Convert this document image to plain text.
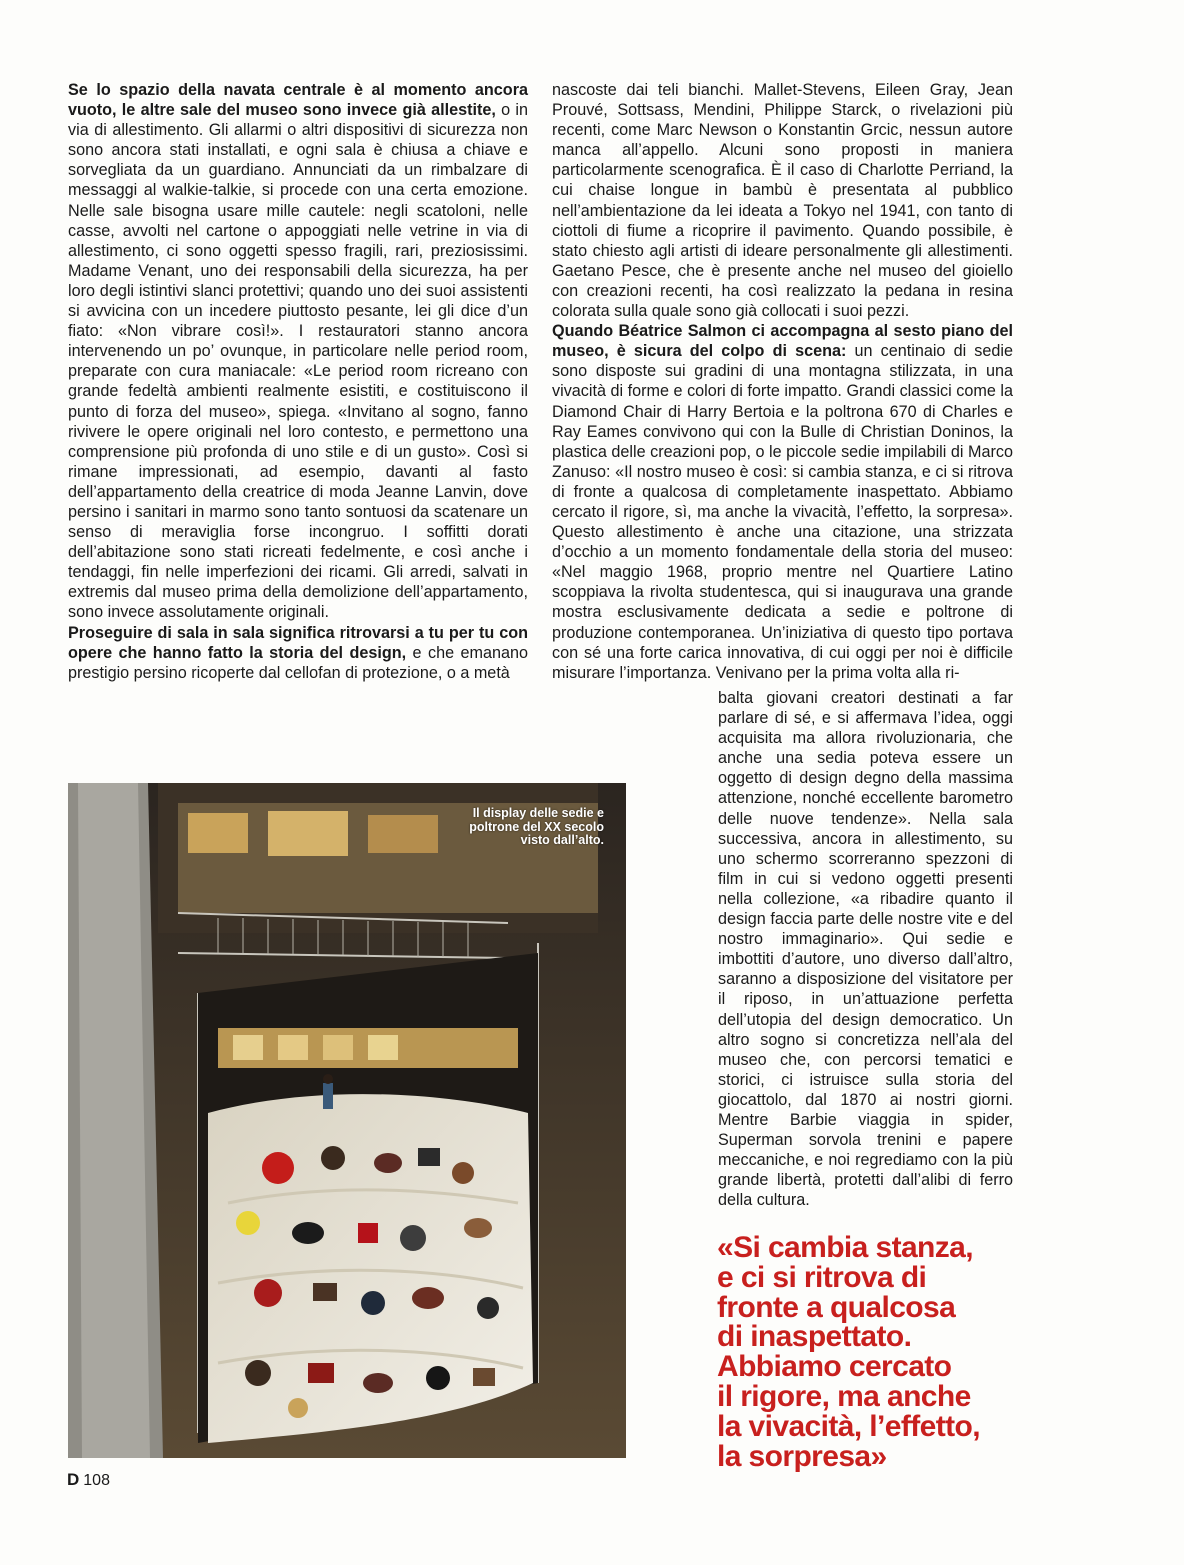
Se lo spazio della navata centrale è al momento ancora vuoto, le altre sale del museo sono invece già allestite, o in via di allestimento. Gli allarmi o altri dispositivi di sicurezza non sono ancora stati installati, e ogni sala è chiusa a chiave e sorvegliata da un guardiano. Annunciati da un rimbalzare di messaggi al walkie-talkie, si procede con una certa emozione. Nelle sale bisogna usare mille cautele: negli scatoloni, nelle casse, avvolti nel cartone o appoggiati nelle vetrine in via di allestimento, ci sono oggetti spesso fragili, rari, preziosissimi. Madame Venant, uno dei responsabili della sicurezza, ha per loro degli istintivi slanci protettivi; quando uno dei suoi assistenti si avvicina con un incedere piuttosto pesante, lei gli dice d’un fiato: «Non vibrare così!». I restauratori stanno ancora intervenendo un po’ ovunque, in particolare nelle period room, preparate con cura maniacale: «Le period room ricreano con grande fedeltà ambienti realmente esistiti, e costituiscono il punto di forza del museo», spiega. «Invitano al sogno, fanno rivivere le opere originali nel loro contesto, e permettono una comprensione più profonda di uno stile e di un gusto». Così si rimane impressionati, ad esempio, davanti al fasto dell’appartamento della creatrice di moda Jeanne Lanvin, dove persino i sanitari in marmo sono tanto sontuosi da scatenare un senso di meraviglia forse incongruo. I soffitti dorati dell’abitazione sono stati ricreati fedelmente, e così anche i tendaggi, fin nelle imperfezioni dei ricami. Gli arredi, salvati in extremis dal museo prima della demolizione dell’appartamento, sono invece assolutamente originali.

Proseguire di sala in sala significa ritrovarsi a tu per tu con opere che hanno fatto la storia del design, e che emanano prestigio persino ricoperte dal cellofan di protezione, o a metà

nascoste dai teli bianchi. Mallet-Stevens, Eileen Gray, Jean Prouvé, Sottsass, Mendini, Philippe Starck, o rivelazioni più recenti, come Marc Newson o Konstantin Grcic, nessun autore manca all’appello. Alcuni sono proposti in maniera particolarmente scenografica. È il caso di Charlotte Perriand, la cui chaise longue in bambù è presentata al pubblico nell’ambientazione da lei ideata a Tokyo nel 1941, con tanto di ciottoli di fiume a ricoprire il pavimento. Quando possibile, è stato chiesto agli artisti di ideare personalmente gli allestimenti. Gaetano Pesce, che è presente anche nel museo del gioiello con creazioni recenti, ha così realizzato la pedana in resina colorata sulla quale sono già collocati i suoi pezzi.

Quando Béatrice Salmon ci accompagna al sesto piano del museo, è sicura del colpo di scena: un centinaio di sedie sono disposte sui gradini di una montagna stilizzata, in una vivacità di forme e colori di forte impatto. Grandi classici come la Diamond Chair di Harry Bertoia e la poltrona 670 di Charles e Ray Eames convivono qui con la Bulle di Christian Doninos, la plastica delle creazioni pop, o le piccole sedie impilabili di Marco Zanuso: «Il nostro museo è così: si cambia stanza, e ci si ritrova di fronte a qualcosa di completamente inaspettato. Abbiamo cercato il rigore, sì, ma anche la vivacità, l’effetto, la sorpresa». Questo allestimento è anche una citazione, una strizzata d’occhio a un momento fondamentale della storia del museo: «Nel maggio 1968, proprio mentre nel Quartiere Latino scoppiava la rivolta studentesca, qui si inaugurava una grande mostra esclusivamente dedicata a sedie e poltrone di produzione contemporanea. Un’iniziativa di questo tipo portava con sé una forte carica innovativa, di cui oggi per noi è difficile misurare l’importanza. Venivano per la prima volta alla ri-

balta giovani creatori destinati a far parlare di sé, e si affermava l’idea, oggi acquisita ma allora rivoluzionaria, che anche una sedia poteva essere un oggetto di design degno della massima attenzione, nonché eccellente barometro delle nuove tendenze». Nella sala successiva, ancora in allestimento, su uno schermo scorreranno spezzoni di film in cui si vedono oggetti presenti nella collezione, «a ribadire quanto il design faccia parte delle nostre vite e del nostro immaginario». Qui sedie e imbottiti d’autore, uno diverso dall’altro, saranno a disposizione del visitatore per il riposo, in un’attuazione perfetta dell’utopia del design democratico. Un altro sogno si concretizza nell’ala del museo che, con percorsi tematici e storici, ci istruisce sulla storia del giocattolo, dal 1870 ai nostri giorni. Mentre Barbie viaggia in spider, Superman sorvola trenini e papere meccaniche, e noi regrediamo con la più grande libertà, protetti dall’alibi di ferro della cultura.

Il display delle sedie e poltrone del XX secolo visto dall’alto.
«Si cambia stanza,
e ci si ritrova di
fronte a qualcosa
di inaspettato.
Abbiamo cercato
il rigore, ma anche
la vivacità, l’effetto,
la sorpresa»
D 108
